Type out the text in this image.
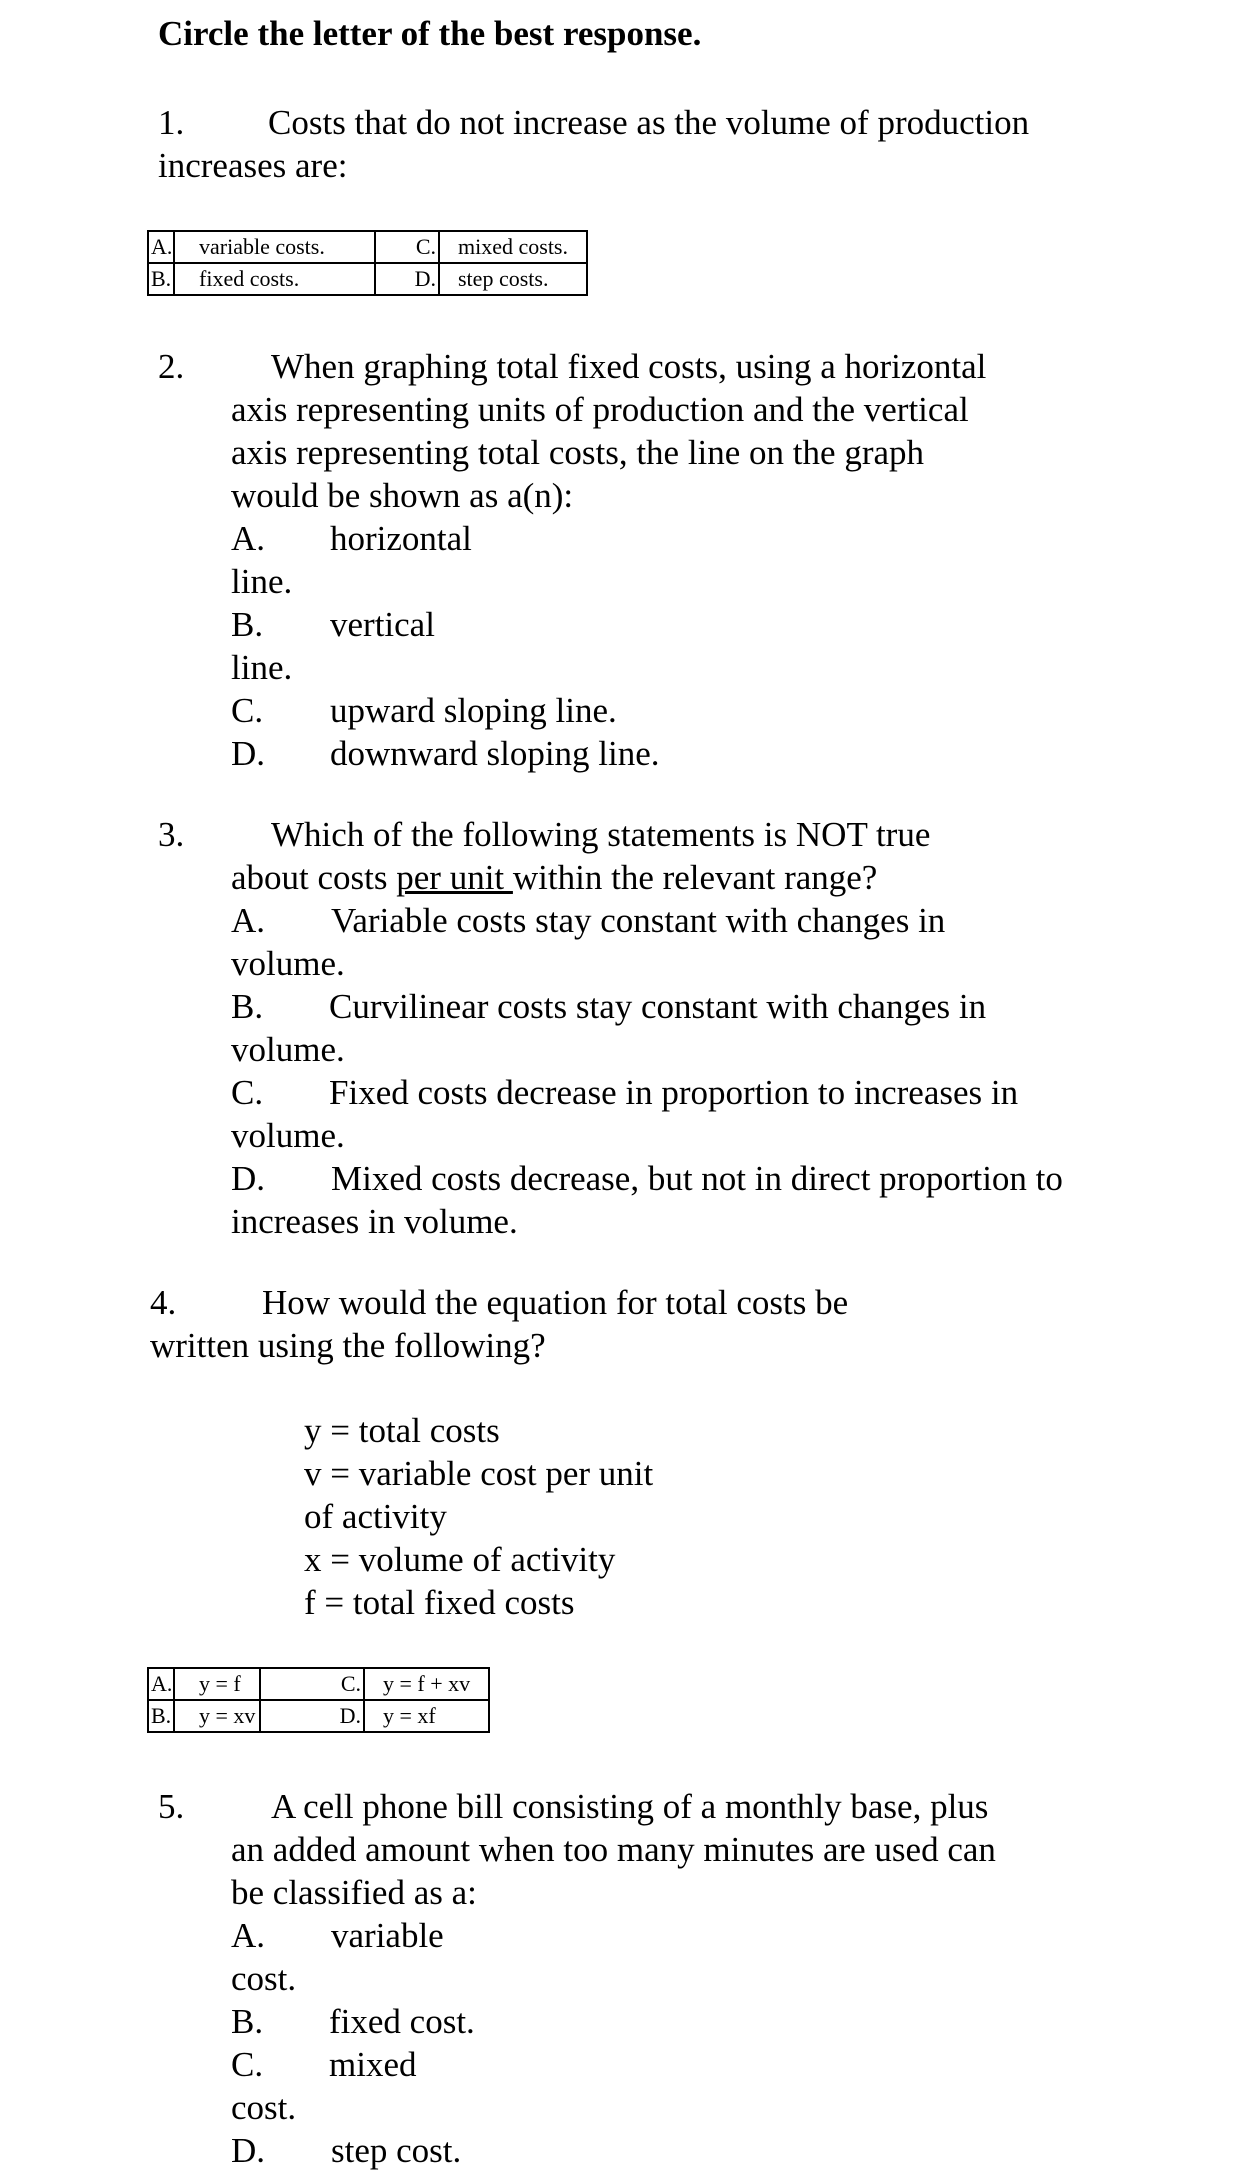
Circle the letter of the best response.
1. Costs that do not increase as the volume of production
increases are:
A.	variable costs.	C.	mixed costs.
B.	fixed costs.	D.	step costs.
2. When graphing total fixed costs, using a horizontal
axis representing units of production and the vertical
axis representing total costs, the line on the graph
would be shown as a(n):
A. horizontal
line.
B. vertical
line.
C. upward sloping line.
D. downward sloping line.
3. Which of the following statements is NOT true
about costs per unit within the relevant range?
A. Variable costs stay constant with changes in
volume.
B. Curvilinear costs stay constant with changes in
volume.
C. Fixed costs decrease in proportion to increases in
volume.
D. Mixed costs decrease, but not in direct proportion to
increases in volume.
4. How would the equation for total costs be
written using the following?
y = total costs
v = variable cost per unit
of activity
x = volume of activity
f = total fixed costs
A.	y = f	C.	y = f + xv
B.	y = xv	D.	y = xf
5. A cell phone bill consisting of a monthly base, plus
an added amount when too many minutes are used can
be classified as a:
A. variable
cost.
B. fixed cost.
C. mixed
cost.
D. step cost.
